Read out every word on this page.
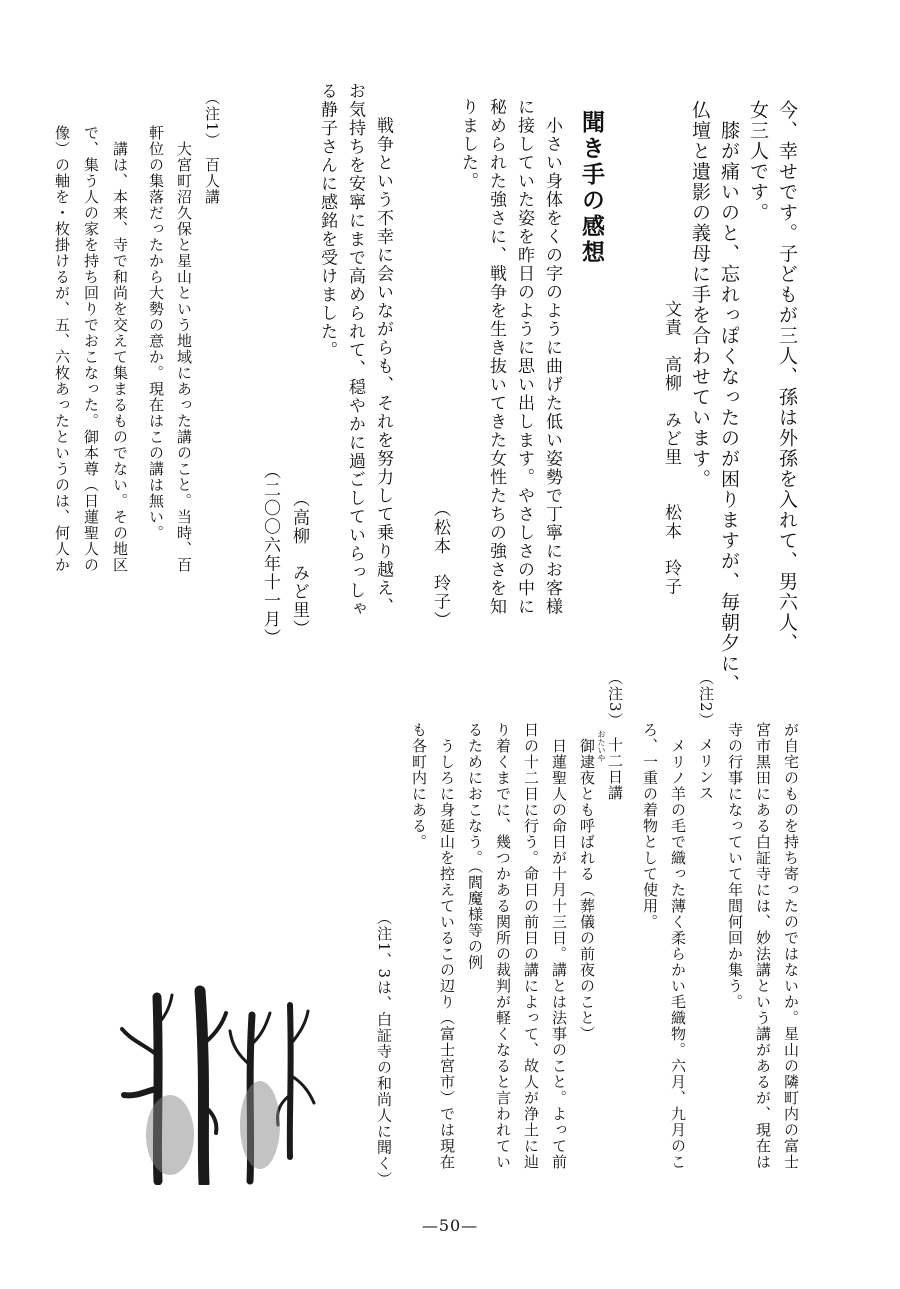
今、幸せです。子どもが三人、孫は外孫を入れて、男六人、
女三人です。
　膝が痛いのと、忘れっぽくなったのが困りますが、毎朝夕に、
仏壇と遺影の義母に手を合わせています。
文責　高柳　みど里　　松本　玲子
聞き手の感想
　小さい身体をくの字のように曲げた低い姿勢で丁寧にお客様
に接していた姿を昨日のように思い出します。やさしさの中に
秘められた強さに、戦争を生き抜いてきた女性たちの強さを知
りました。
（松本　玲子）
　戦争という不幸に会いながらも、それを努力して乗り越え、
お気持ちを安寧にまで高められて、穏やかに過ごしていらっしゃ
る静子さんに感銘を受けました。
（高柳　みど里）
（二〇〇六年十一月）
（注1）　百人講
　大宮町沼久保と星山という地域にあった講のこと。当時、百
軒位の集落だったから大勢の意か。現在はこの講は無い。
　講は、本来、寺で和尚を交えて集まるものでない。その地区
で、集う人の家を持ち回りでおこなった。御本尊（日蓮聖人の
像）の軸を・枚掛けるが、五、六枚あったというのは、何人か
が自宅のものを持ち寄ったのではないか。星山の隣町内の富士
宮市黒田にある白証寺には、妙法講という講があるが、現在は
寺の行事になっていて年間何回か集う。
（注2）　メリンス
　メリノ羊の毛で織った薄く柔らかい毛織物。六月、九月のこ
ろ、一重の着物として使用。
（注3）　十二日講
おたいや
　御逮夜とも呼ばれる（葬儀の前夜のこと）
　日蓮聖人の命日が十月十三日。講とは法事のこと。よって前
日の十二日に行う。命日の前日の講によって、故人が浄土に辿
り着くまでに、幾つかある関所の裁判が軽くなると言われてい
るためにおこなう。（閻魔様等の例
　うしろに身延山を控えているこの辺り（富士宮市）では現在
も各町内にある。
（注1、3は、白証寺の和尚人に聞く）
—50—
